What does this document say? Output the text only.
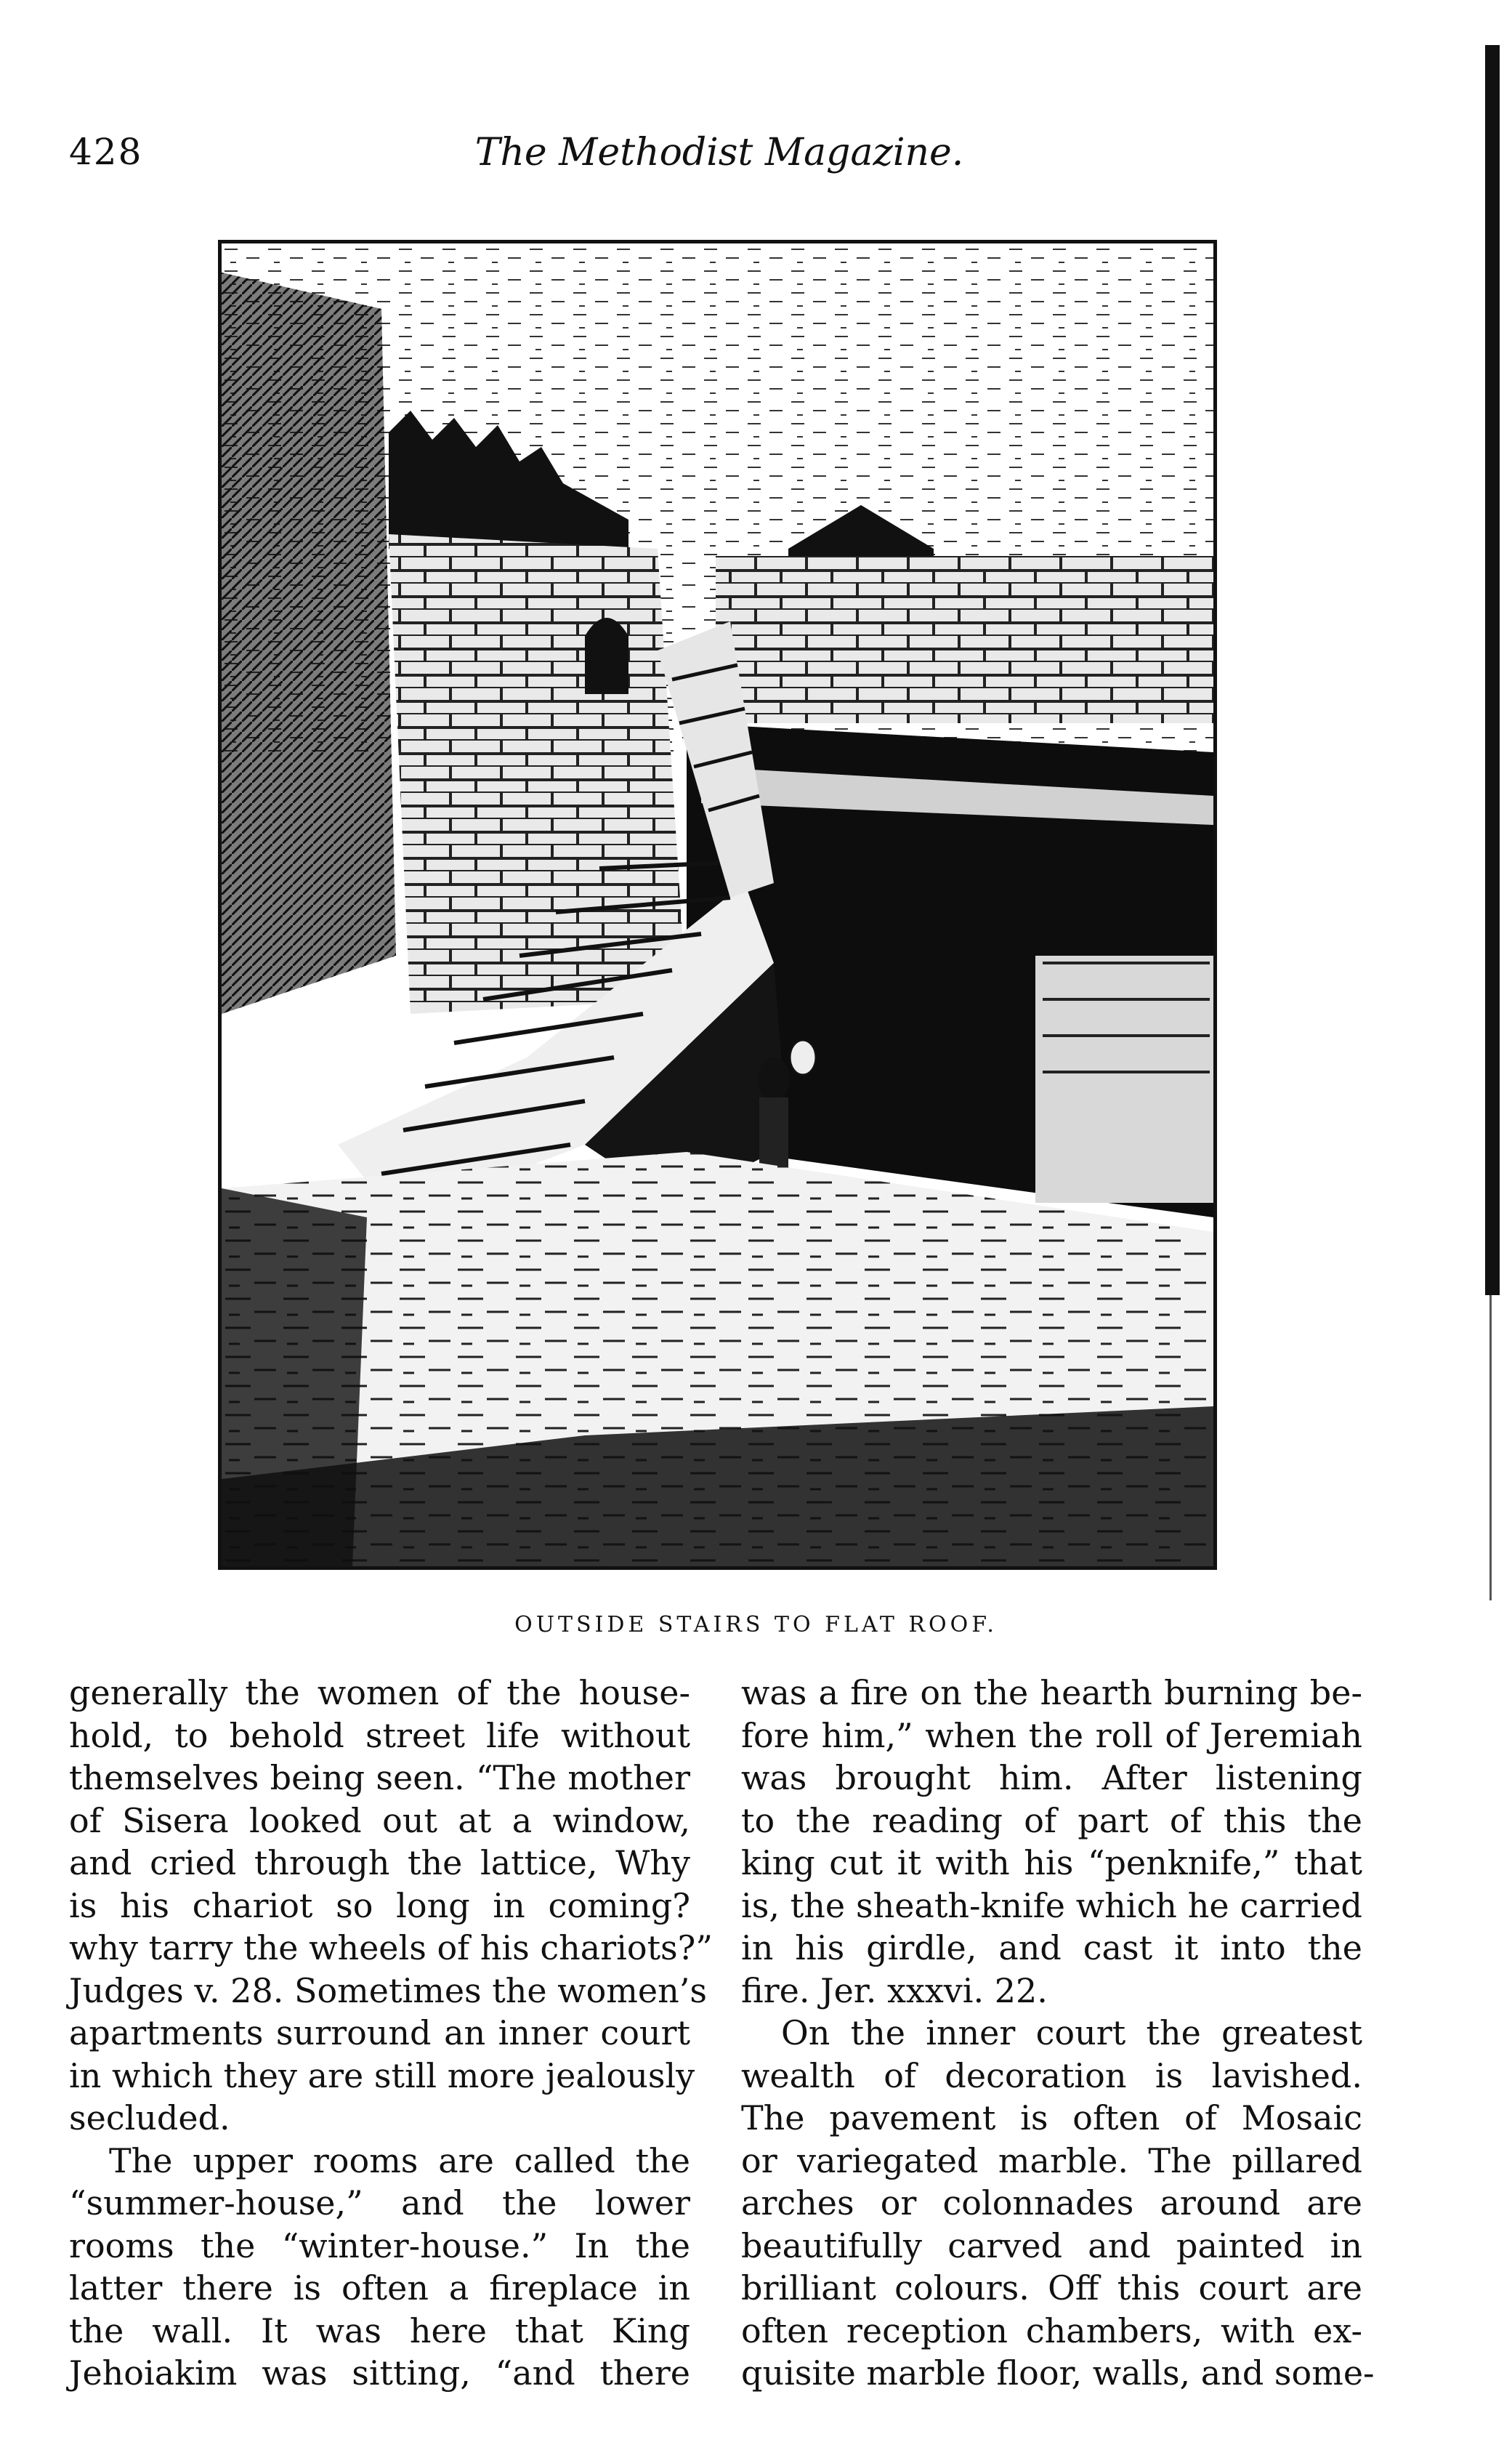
428	The Methodist Magazine.
OUTSIDE STAIRS TO FLAT ROOF.
generally the women of the house-
hold, to behold street life without
themselves being seen. “The mother
of Sisera looked out at a window,
and cried through the lattice, Why
is his chariot so long in coming?
why tarry the wheels of his chariots?”
Judges v. 28. Sometimes the women’s
apartments surround an inner court
in which they are still more jealously
secluded.
The upper rooms are called the
“summer-house,” and the lower
rooms the “winter-house.” In the
latter there is often a fireplace in
the wall. It was here that King
Jehoiakim was sitting, “and there
was a fire on the hearth burning be-
fore him,” when the roll of Jeremiah
was brought him. After listening
to the reading of part of this the
king cut it with his “penknife,” that
is, the sheath-knife which he carried
in his girdle, and cast it into the
fire. Jer. xxxvi. 22.
On the inner court the greatest
wealth of decoration is lavished.
The pavement is often of Mosaic
or variegated marble. The pillared
arches or colonnades around are
beautifully carved and painted in
brilliant colours. Off this court are
often reception chambers, with ex-
quisite marble floor, walls, and some-
